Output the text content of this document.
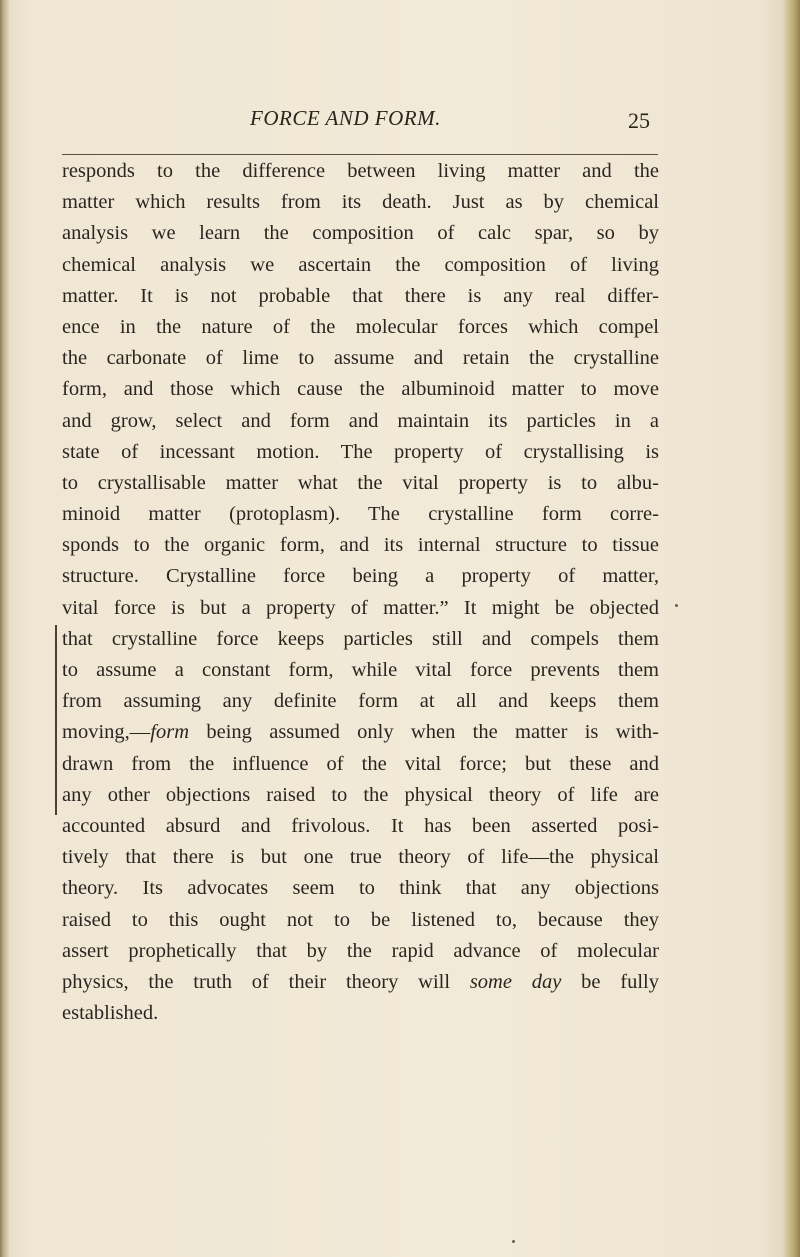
FORCE AND FORM.	25
responds to the difference between living matter and the
matter which results from its death. Just as by chemical
analysis we learn the composition of calc spar, so by
chemical analysis we ascertain the composition of living
matter. It is not probable that there is any real differ-
ence in the nature of the molecular forces which compel
the carbonate of lime to assume and retain the crystalline
form, and those which cause the albuminoid matter to move
and grow, select and form and maintain its particles in a
state of incessant motion. The property of crystallising is
to crystallisable matter what the vital property is to albu-
minoid matter (protoplasm). The crystalline form corre-
sponds to the organic form, and its internal structure to tissue
structure. Crystalline force being a property of matter,
vital force is but a property of matter.” It might be objected
that crystalline force keeps particles still and compels them
to assume a constant form, while vital force prevents them
from assuming any definite form at all and keeps them
moving,—form being assumed only when the matter is with-
drawn from the influence of the vital force; but these and
any other objections raised to the physical theory of life are
accounted absurd and frivolous. It has been asserted posi-
tively that there is but one true theory of life—the physical
theory. Its advocates seem to think that any objections
raised to this ought not to be listened to, because they
assert prophetically that by the rapid advance of molecular
physics, the truth of their theory will some day be fully
established.
